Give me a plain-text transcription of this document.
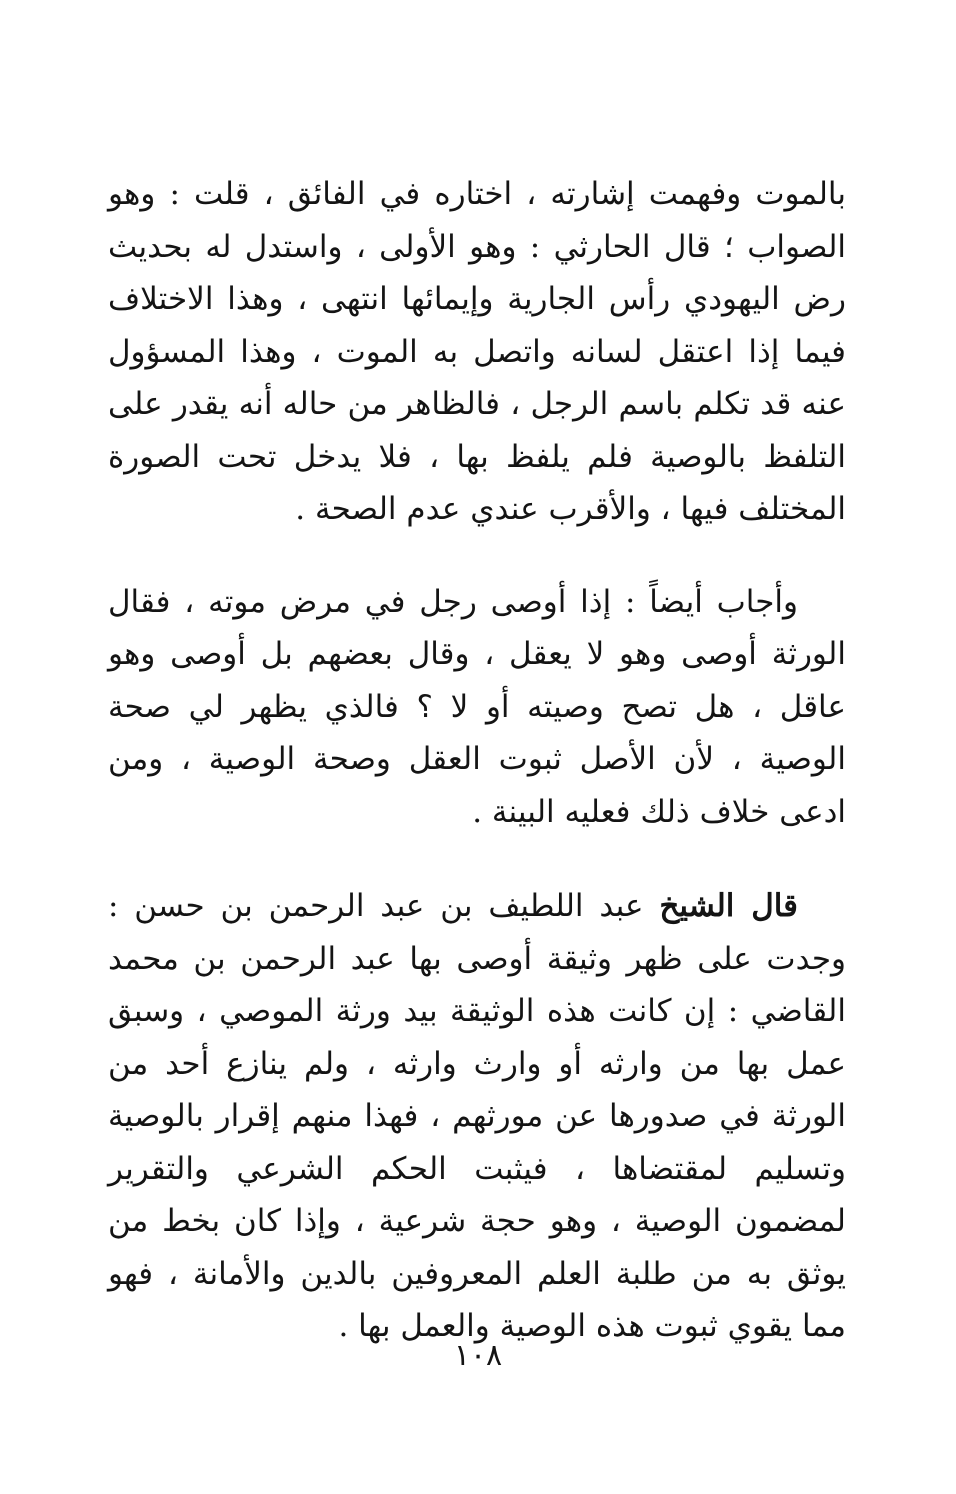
بالموت وفهمت إشارته ، اختاره في الفائق ، قلت : وهو الصواب ؛ قال الحارثي : وهو الأولى ، واستدل له بحديث رض اليهودي رأس الجارية وإيمائها انتهى ، وهذا الاختلاف فيما إذا اعتقل لسانه واتصل به الموت ، وهذا المسؤول عنه قد تكلم باسم الرجل ، فالظاهر من حاله أنه يقدر على التلفظ بالوصية فلم يلفظ بها ، فلا يدخل تحت الصورة المختلف فيها ، والأقرب عندي عدم الصحة .

وأجاب أيضاً : إذا أوصى رجل في مرض موته ، فقال الورثة أوصى وهو لا يعقل ، وقال بعضهم بل أوصى وهو عاقل ، هل تصح وصيته أو لا ؟ فالذي يظهر لي صحة الوصية ، لأن الأصل ثبوت العقل وصحة الوصية ، ومن ادعى خلاف ذلك فعليه البينة .

قال الشيخ عبد اللطيف بن عبد الرحمن بن حسن : وجدت على ظهر وثيقة أوصى بها عبد الرحمن بن محمد القاضي : إن كانت هذه الوثيقة بيد ورثة الموصي ، وسبق عمل بها من وارثه أو وارث وارثه ، ولم ينازع أحد من الورثة في صدورها عن مورثهم ، فهذا منهم إقرار بالوصية وتسليم لمقتضاها ، فيثبت الحكم الشرعي والتقرير لمضمون الوصية ، وهو حجة شرعية ، وإذا كان بخط من يوثق به من طلبة العلم المعروفين بالدين والأمانة ، فهو مما يقوي ثبوت هذه الوصية والعمل بها .

١٠٨
